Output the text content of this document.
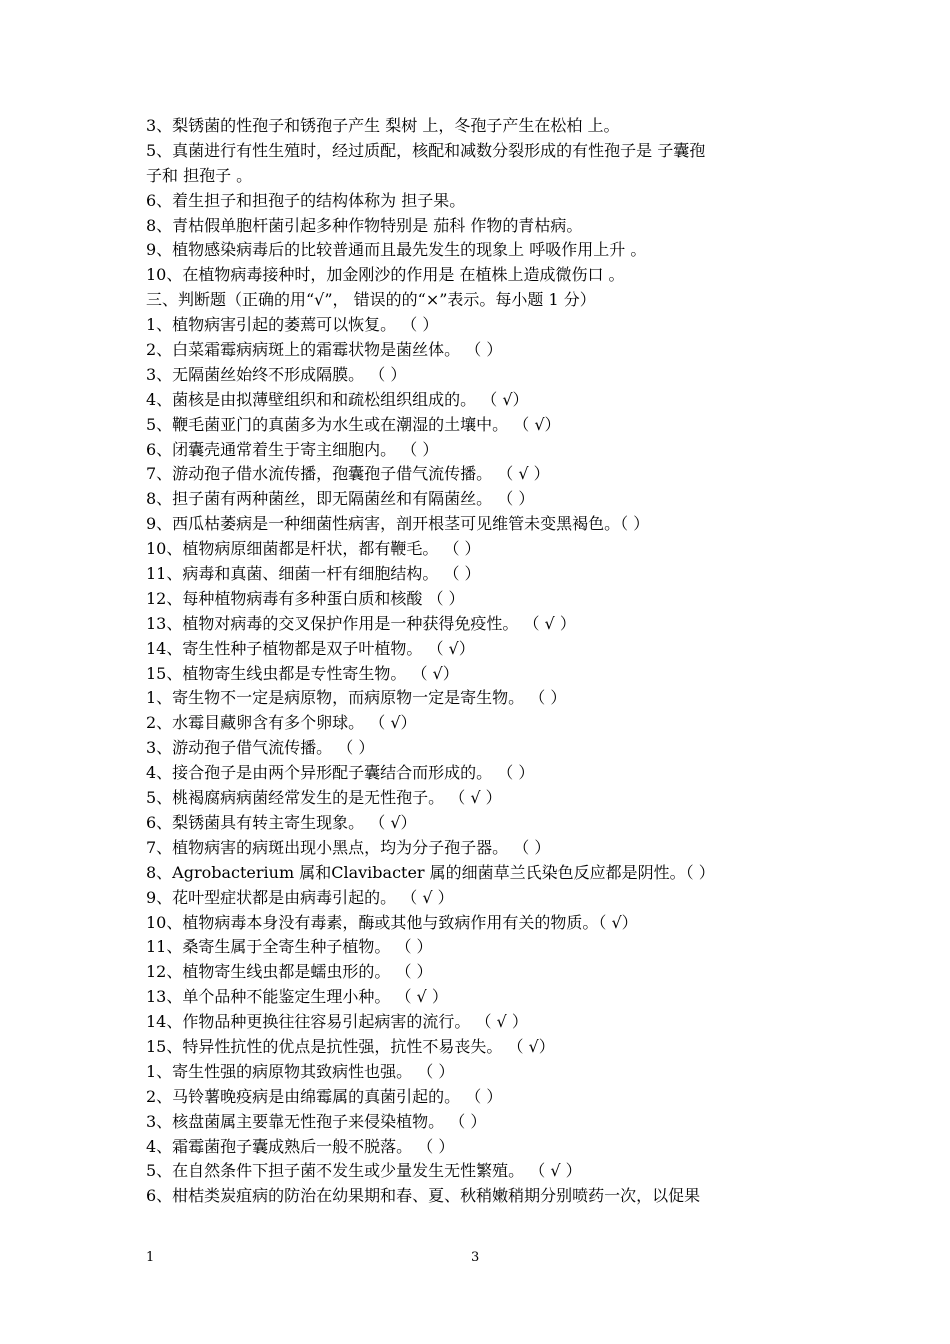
3、梨锈菌的性孢子和锈孢子产生 梨树 上，冬孢子产生在松柏 上。
5、真菌进行有性生殖时，经过质配，核配和减数分裂形成的有性孢子是 子囊孢
子和 担孢子 。
6、着生担子和担孢子的结构体称为 担子果。
8、青枯假单胞杆菌引起多种作物特别是 茄科 作物的青枯病。
9、植物感染病毒后的比较普通而且最先发生的现象上 呼吸作用上升 。
10、在植物病毒接种时，加金刚沙的作用是 在植株上造成微伤口 。
三、判断题（正确的用“√”， 错误的的“×”表示。每小题 1 分）
1、植物病害引起的萎蔫可以恢复。 （ ）
2、白菜霜霉病病斑上的霜霉状物是菌丝体。 （ ）
3、无隔菌丝始终不形成隔膜。 （ ）
4、菌核是由拟薄壁组织和和疏松组织组成的。 （ √）
5、鞭毛菌亚门的真菌多为水生或在潮湿的土壤中。 （ √）
6、闭囊壳通常着生于寄主细胞内。 （ ）
7、游动孢子借水流传播，孢囊孢子借气流传播。 （ √ ）
8、担子菌有两种菌丝，即无隔菌丝和有隔菌丝。 （ ）
9、西瓜枯萎病是一种细菌性病害，剖开根茎可见维管未变黑褐色。（ ）
10、植物病原细菌都是杆状，都有鞭毛。 （ ）
11、病毒和真菌、细菌一杆有细胞结构。 （ ）
12、每种植物病毒有多种蛋白质和核酸 （ ）
13、植物对病毒的交叉保护作用是一种获得免疫性。 （ √ ）
14、寄生性种子植物都是双子叶植物。 （ √）
15、植物寄生线虫都是专性寄生物。 （ √）
1、寄生物不一定是病原物，而病原物一定是寄生物。 （ ）
2、水霉目藏卵含有多个卵球。 （ √）
3、游动孢子借气流传播。 （ ）
4、接合孢子是由两个异形配子囊结合而形成的。 （ ）
5、桃褐腐病病菌经常发生的是无性孢子。 （ √ ）
6、梨锈菌具有转主寄生现象。 （ √）
7、植物病害的病斑出现小黑点，均为分子孢子器。 （ ）
8、Agrobacterium 属和Clavibacter 属的细菌草兰氏染色反应都是阴性。（ ）
9、花叶型症状都是由病毒引起的。 （ √ ）
10、植物病毒本身没有毒素，酶或其他与致病作用有关的物质。（ √）
11、桑寄生属于全寄生种子植物。 （ ）
12、植物寄生线虫都是蠕虫形的。 （ ）
13、单个品种不能鉴定生理小种。 （ √ ）
14、作物品种更换往往容易引起病害的流行。 （ √ ）
15、特异性抗性的优点是抗性强，抗性不易丧失。 （ √）
1、寄生性强的病原物其致病性也强。 （ ）
2、马铃薯晚疫病是由绵霉属的真菌引起的。 （ ）
3、核盘菌属主要靠无性孢子来侵染植物。 （ ）
4、霜霉菌孢子囊成熟后一般不脱落。 （ ）
5、在自然条件下担子菌不发生或少量发生无性繁殖。 （ √ ）
6、柑桔类炭疽病的防治在幼果期和春、夏、秋稍嫩稍期分别喷药一次，以促果
1	3
